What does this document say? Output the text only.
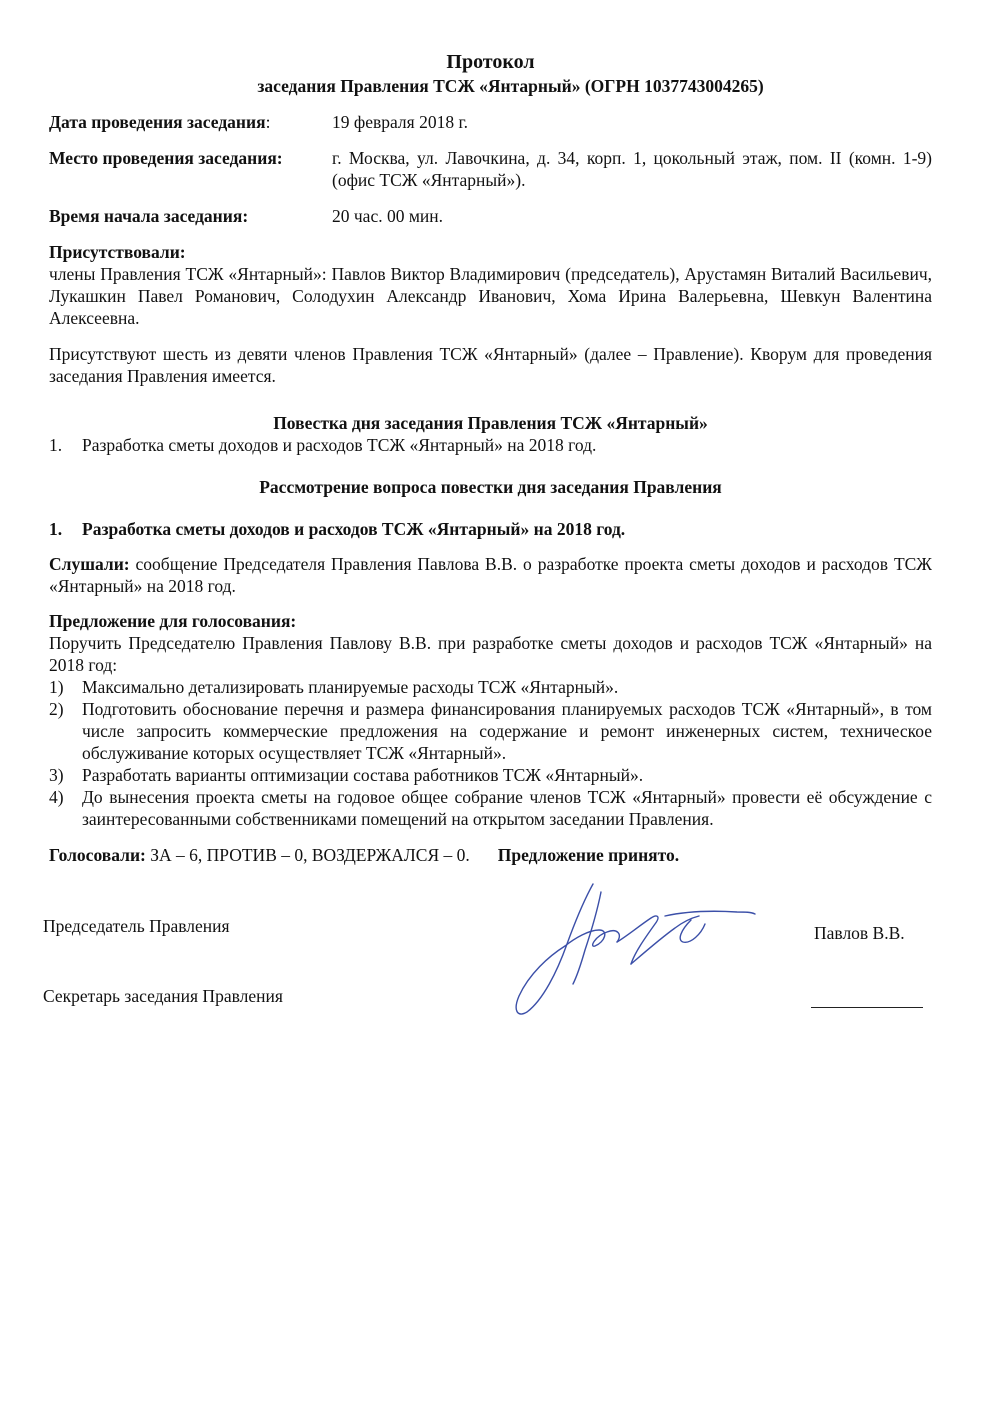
Протокол
заседания Правления ТСЖ «Янтарный» (ОГРН 1037743004265)
Дата проведения заседания:	19 февраля 2018 г.
Место проведения заседания:	г. Москва, ул. Лавочкина, д. 34, корп. 1, цокольный этаж, пом. II (комн. 1-9) (офис ТСЖ «Янтарный»).
Время начала заседания:	20 час. 00 мин.
Присутствовали:
члены Правления ТСЖ «Янтарный»: Павлов Виктор Владимирович (председатель), Арустамян Виталий Васильевич, Лукашкин Павел Романович, Солодухин Александр Иванович, Хома Ирина Валерьевна, Шевкун Валентина Алексеевна.
Присутствуют шесть из девяти членов Правления ТСЖ «Янтарный» (далее – Правление). Кворум для проведения заседания Правления имеется.
Повестка дня заседания Правления ТСЖ «Янтарный»
1.	Разработка сметы доходов и расходов ТСЖ «Янтарный» на 2018 год.
Рассмотрение вопроса повестки дня заседания Правления
1.	Разработка сметы доходов и расходов ТСЖ «Янтарный» на 2018 год.
Слушали: сообщение Председателя Правления Павлова В.В. о разработке проекта сметы доходов и расходов ТСЖ «Янтарный» на 2018 год.
Предложение для голосования:
Поручить Председателю Правления Павлову В.В. при разработке сметы доходов и расходов ТСЖ «Янтарный» на 2018 год:
1)	Максимально детализировать планируемые расходы ТСЖ «Янтарный».
2)	Подготовить обоснование перечня и размера финансирования планируемых расходов ТСЖ «Янтарный», в том числе запросить коммерческие предложения на содержание и ремонт инженерных систем, техническое обслуживание которых осуществляет ТСЖ «Янтарный».
3)	Разработать варианты оптимизации состава работников ТСЖ «Янтарный».
4)	До вынесения проекта сметы на годовое общее собрание членов ТСЖ «Янтарный» провести её обсуждение с заинтересованными собственниками помещений на открытом заседании Правления.
Голосовали: ЗА – 6, ПРОТИВ – 0, ВОЗДЕРЖАЛСЯ – 0. Предложение принято.
Председатель Правления	Павлов В.В.
Секретарь заседания Правления
